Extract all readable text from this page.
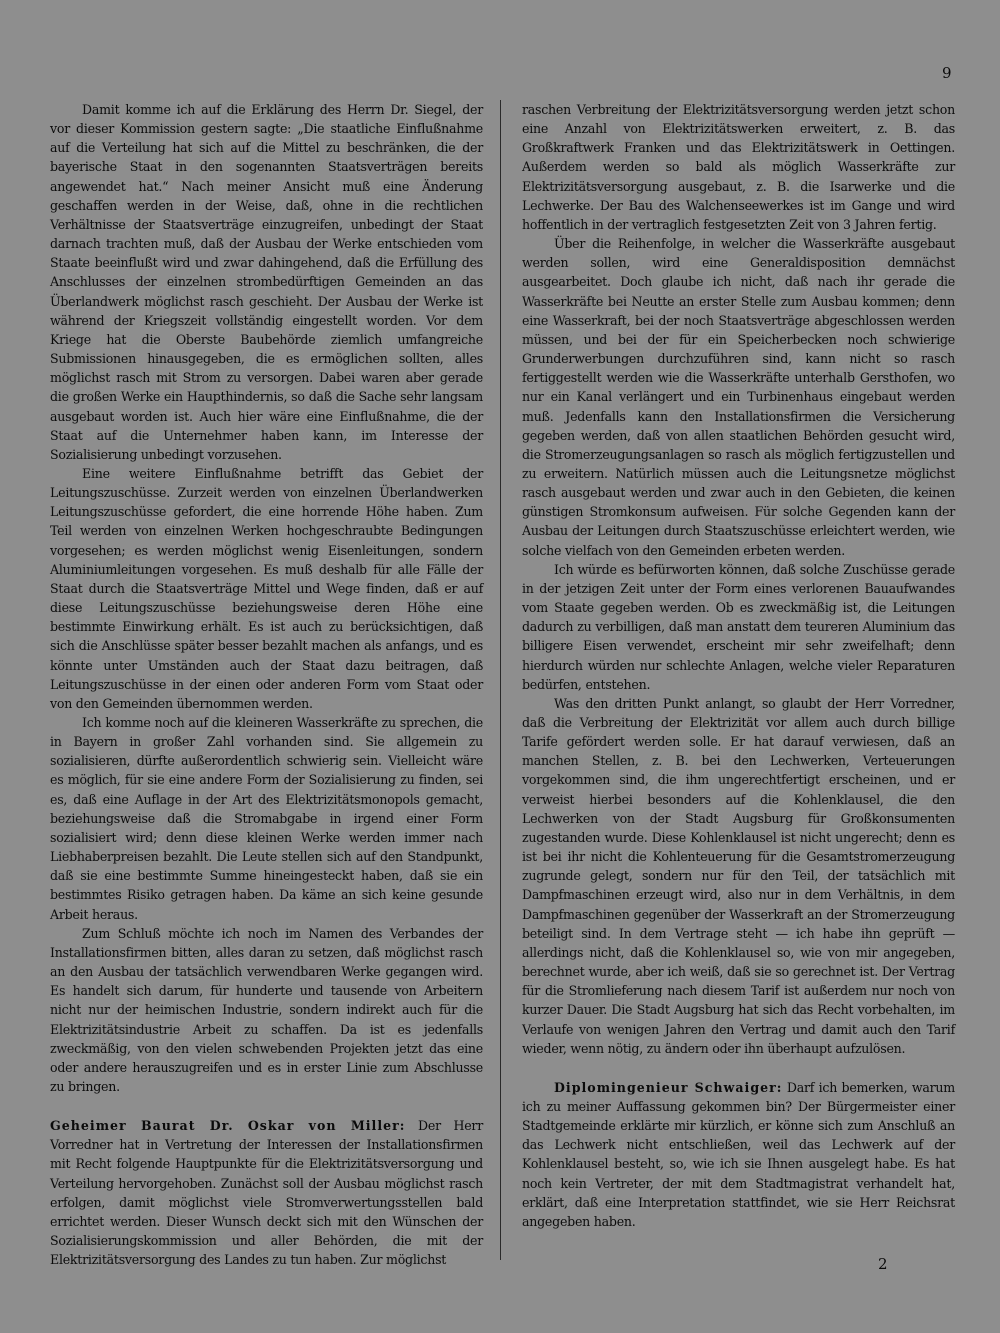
9

Damit komme ich auf die Erklärung des Herrn Dr. Siegel, der vor dieser Kommission gestern sagte: „Die staatliche Einflußnahme auf die Verteilung hat sich auf die Mittel zu beschränken, die der bayerische Staat in den sogenannten Staatsverträgen bereits angewendet hat.“ Nach meiner Ansicht muß eine Änderung geschaffen werden in der Weise, daß, ohne in die rechtlichen Verhältnisse der Staatsverträge einzugreifen, unbedingt der Staat darnach trachten muß, daß der Ausbau der Werke entschieden vom Staate beeinflußt wird und zwar dahingehend, daß die Erfüllung des Anschlusses der einzelnen strombedürftigen Gemeinden an das Überlandwerk möglichst rasch geschieht. Der Ausbau der Werke ist während der Kriegszeit vollständig eingestellt worden. Vor dem Kriege hat die Oberste Baubehörde ziemlich umfangreiche Submissionen hinausgegeben, die es ermöglichen sollten, alles möglichst rasch mit Strom zu versorgen. Dabei waren aber gerade die großen Werke ein Haupthindernis, so daß die Sache sehr langsam ausgebaut worden ist. Auch hier wäre eine Einflußnahme, die der Staat auf die Unternehmer haben kann, im Interesse der Sozialisierung unbedingt vorzusehen.

Eine weitere Einflußnahme betrifft das Gebiet der Leitungszuschüsse. Zurzeit werden von einzelnen Überlandwerken Leitungszuschüsse gefordert, die eine horrende Höhe haben. Zum Teil werden von einzelnen Werken hochgeschraubte Bedingungen vorgesehen; es werden möglichst wenig Eisenleitungen, sondern Aluminiumleitungen vorgesehen. Es muß deshalb für alle Fälle der Staat durch die Staatsverträge Mittel und Wege finden, daß er auf diese Leitungszuschüsse beziehungsweise deren Höhe eine bestimmte Einwirkung erhält. Es ist auch zu berücksichtigen, daß sich die Anschlüsse später besser bezahlt machen als anfangs, und es könnte unter Umständen auch der Staat dazu beitragen, daß Leitungszuschüsse in der einen oder anderen Form vom Staat oder von den Gemeinden übernommen werden.

Ich komme noch auf die kleineren Wasserkräfte zu sprechen, die in Bayern in großer Zahl vorhanden sind. Sie allgemein zu sozialisieren, dürfte außerordentlich schwierig sein. Vielleicht wäre es möglich, für sie eine andere Form der Sozialisierung zu finden, sei es, daß eine Auflage in der Art des Elektrizitätsmonopols gemacht, beziehungsweise daß die Stromabgabe in irgend einer Form sozialisiert wird; denn diese kleinen Werke werden immer nach Liebhaberpreisen bezahlt. Die Leute stellen sich auf den Standpunkt, daß sie eine bestimmte Summe hineingesteckt haben, daß sie ein bestimmtes Risiko getragen haben. Da käme an sich keine gesunde Arbeit heraus.

Zum Schluß möchte ich noch im Namen des Verbandes der Installationsfirmen bitten, alles daran zu setzen, daß möglichst rasch an den Ausbau der tatsächlich verwendbaren Werke gegangen wird. Es handelt sich darum, für hunderte und tausende von Arbeitern nicht nur der heimischen Industrie, sondern indirekt auch für die Elektrizitätsindustrie Arbeit zu schaffen. Da ist es jedenfalls zweckmäßig, von den vielen schwebenden Projekten jetzt das eine oder andere herauszugreifen und es in erster Linie zum Abschlusse zu bringen.

Geheimer Baurat Dr. Oskar von Miller: Der Herr Vorredner hat in Vertretung der Interessen der Installationsfirmen mit Recht folgende Hauptpunkte für die Elektrizitätsversorgung und Verteilung hervorgehoben. Zunächst soll der Ausbau möglichst rasch erfolgen, damit möglichst viele Stromverwertungsstellen bald errichtet werden. Dieser Wunsch deckt sich mit den Wünschen der Sozialisierungskommission und aller Behörden, die mit der Elektrizitätsversorgung des Landes zu tun haben. Zur möglichst

raschen Verbreitung der Elektrizitätsversorgung werden jetzt schon eine Anzahl von Elektrizitätswerken erweitert, z. B. das Großkraftwerk Franken und das Elektrizitätswerk in Oettingen. Außerdem werden so bald als möglich Wasserkräfte zur Elektrizitätsversorgung ausgebaut, z. B. die Isarwerke und die Lechwerke. Der Bau des Walchenseewerkes ist im Gange und wird hoffentlich in der vertraglich festgesetzten Zeit von 3 Jahren fertig.

Über die Reihenfolge, in welcher die Wasserkräfte ausgebaut werden sollen, wird eine Generaldisposition demnächst ausgearbeitet. Doch glaube ich nicht, daß nach ihr gerade die Wasserkräfte bei Neutte an erster Stelle zum Ausbau kommen; denn eine Wasserkraft, bei der noch Staatsverträge abgeschlossen werden müssen, und bei der für ein Speicherbecken noch schwierige Grunderwerbungen durchzuführen sind, kann nicht so rasch fertiggestellt werden wie die Wasserkräfte unterhalb Gersthofen, wo nur ein Kanal verlängert und ein Turbinenhaus eingebaut werden muß. Jedenfalls kann den Installationsfirmen die Versicherung gegeben werden, daß von allen staatlichen Behörden gesucht wird, die Stromerzeugungsanlagen so rasch als möglich fertigzustellen und zu erweitern. Natürlich müssen auch die Leitungsnetze möglichst rasch ausgebaut werden und zwar auch in den Gebieten, die keinen günstigen Stromkonsum aufweisen. Für solche Gegenden kann der Ausbau der Leitungen durch Staatszuschüsse erleichtert werden, wie solche vielfach von den Gemeinden erbeten werden.

Ich würde es befürworten können, daß solche Zuschüsse gerade in der jetzigen Zeit unter der Form eines verlorenen Bauaufwandes vom Staate gegeben werden. Ob es zweckmäßig ist, die Leitungen dadurch zu verbilligen, daß man anstatt dem teureren Aluminium das billigere Eisen verwendet, erscheint mir sehr zweifelhaft; denn hierdurch würden nur schlechte Anlagen, welche vieler Reparaturen bedürfen, entstehen.

Was den dritten Punkt anlangt, so glaubt der Herr Vorredner, daß die Verbreitung der Elektrizität vor allem auch durch billige Tarife gefördert werden solle. Er hat darauf verwiesen, daß an manchen Stellen, z. B. bei den Lechwerken, Verteuerungen vorgekommen sind, die ihm ungerechtfertigt erscheinen, und er verweist hierbei besonders auf die Kohlenklausel, die den Lechwerken von der Stadt Augsburg für Großkonsumenten zugestanden wurde. Diese Kohlenklausel ist nicht ungerecht; denn es ist bei ihr nicht die Kohlenteuerung für die Gesamtstromerzeugung zugrunde gelegt, sondern nur für den Teil, der tatsächlich mit Dampfmaschinen erzeugt wird, also nur in dem Verhältnis, in dem Dampfmaschinen gegenüber der Wasserkraft an der Stromerzeugung beteiligt sind. In dem Vertrage steht — ich habe ihn geprüft — allerdings nicht, daß die Kohlenklausel so, wie von mir angegeben, berechnet wurde, aber ich weiß, daß sie so gerechnet ist. Der Vertrag für die Stromlieferung nach diesem Tarif ist außerdem nur noch von kurzer Dauer. Die Stadt Augsburg hat sich das Recht vorbehalten, im Verlaufe von wenigen Jahren den Vertrag und damit auch den Tarif wieder, wenn nötig, zu ändern oder ihn überhaupt aufzulösen.

Diplomingenieur Schwaiger: Darf ich bemerken, warum ich zu meiner Auffassung gekommen bin? Der Bürgermeister einer Stadtgemeinde erklärte mir kürzlich, er könne sich zum Anschluß an das Lechwerk nicht entschließen, weil das Lechwerk auf der Kohlenklausel besteht, so, wie ich sie Ihnen ausgelegt habe. Es hat noch kein Vertreter, der mit dem Stadtmagistrat verhandelt hat, erklärt, daß eine Interpretation stattfindet, wie sie Herr Reichsrat angegeben haben.

2
